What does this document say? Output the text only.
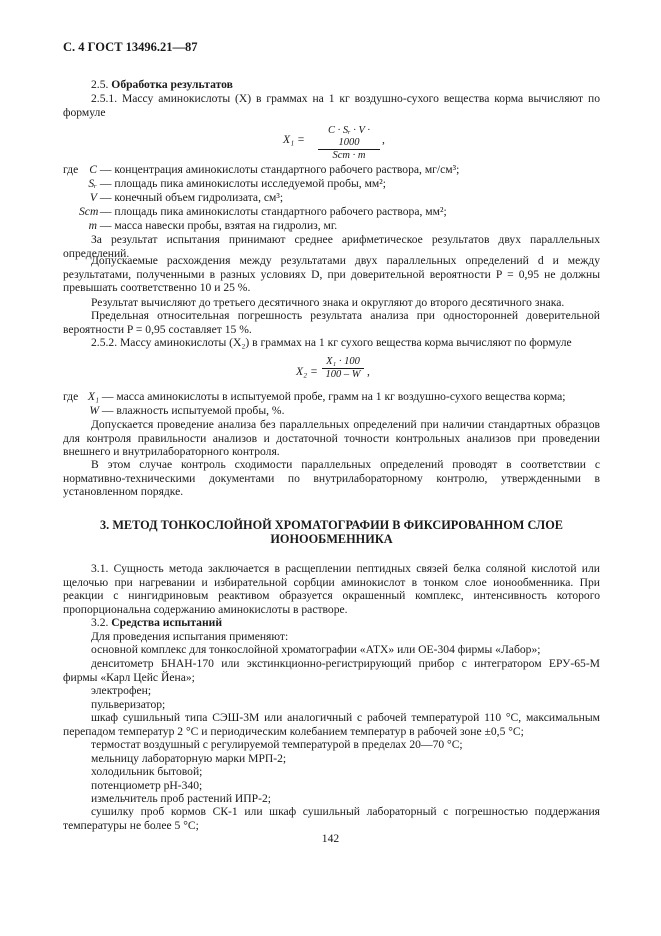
С. 4 ГОСТ 13496.21—87
2.5. Обработка результатов
2.5.1. Массу аминокислоты (X) в граммах на 1 кг воздушно-сухого вещества корма вычисляют по формуле
X₁ =
C · Sᵣ · V · 1000
Sст · m
,
где C — концентрация аминокислоты стандартного рабочего раствора, мг/см³;
Sᵣ — площадь пика аминокислоты исследуемой пробы, мм²;
V — конечный объем гидролизата, см³;
Sст — площадь пика аминокислоты стандартного рабочего раствора, мм²;
m — масса навески пробы, взятая на гидролиз, мг.
За результат испытания принимают среднее арифметическое результатов двух параллельных определений.
Допускаемые расхождения между результатами двух параллельных определений d и между результатами, полученными в разных условиях D, при доверительной вероятности P = 0,95 не должны превышать соответственно 10 и 25 %.
Результат вычисляют до третьего десятичного знака и округляют до второго десятичного знака.
Предельная относительная погрешность результата анализа при односторонней доверительной вероятности P = 0,95 составляет 15 %.
2.5.2. Массу аминокислоты (X₂) в граммах на 1 кг сухого вещества корма вычисляют по формуле
$X_2 = \frac{\text{X₁ · 100}}{100 - W}$ ,
где X₁ — масса аминокислоты в испытуемой пробе, грамм на 1 кг воздушно-сухого вещества корма;
W — влажность испытуемой пробы, %.
Допускается проведение анализа без параллельных определений при наличии стандартных образцов для контроля правильности анализов и достаточной точности контрольных анализов при проведении внешнего и внутрилабораторного контроля.
В этом случае контроль сходимости параллельных определений проводят в соответствии с нормативно-техническими документами по внутрилабораторному контролю, утвержденными в установленном порядке.
3. МЕТОД ТОНКОСЛОЙНОЙ ХРОМАТОГРАФИИ В ФИКСИРОВАННОМ СЛОЕ
ИОНООБМЕННИКА
3.1. Сущность метода заключается в расщеплении пептидных связей белка соляной кислотой или щелочью при нагревании и избирательной сорбции аминокислот в тонком слое ионообменника. При реакции с нингидриновым реактивом образуется окрашенный комплекс, интенсивность которого пропорциональна содержанию аминокислоты в растворе.
3.2. Средства испытаний
Для проведения испытания применяют:
основной комплекс для тонкослойной хроматографии «АТХ» или ОЕ-304 фирмы «Лабор»;
денситометр БНАН-170 или экстинкционно-регистрирующий прибор с интегратором ЕРУ-65-М фирмы «Карл Цейс Йена»;
электрофен;
пульверизатор;
шкаф сушильный типа СЭШ-3М или аналогичный с рабочей температурой 110 °С, максимальным перепадом температур 2 °С и периодическим колебанием температур в рабочей зоне ±0,5 °С;
термостат воздушный с регулируемой температурой в пределах 20—70 °С;
мельницу лабораторную марки МРП-2;
холодильник бытовой;
потенциометр pH-340;
измельчитель проб растений ИПР-2;
сушилку проб кормов СК-1 или шкаф сушильный лабораторный с погрешностью поддержания температуры не более 5 °С;
142
